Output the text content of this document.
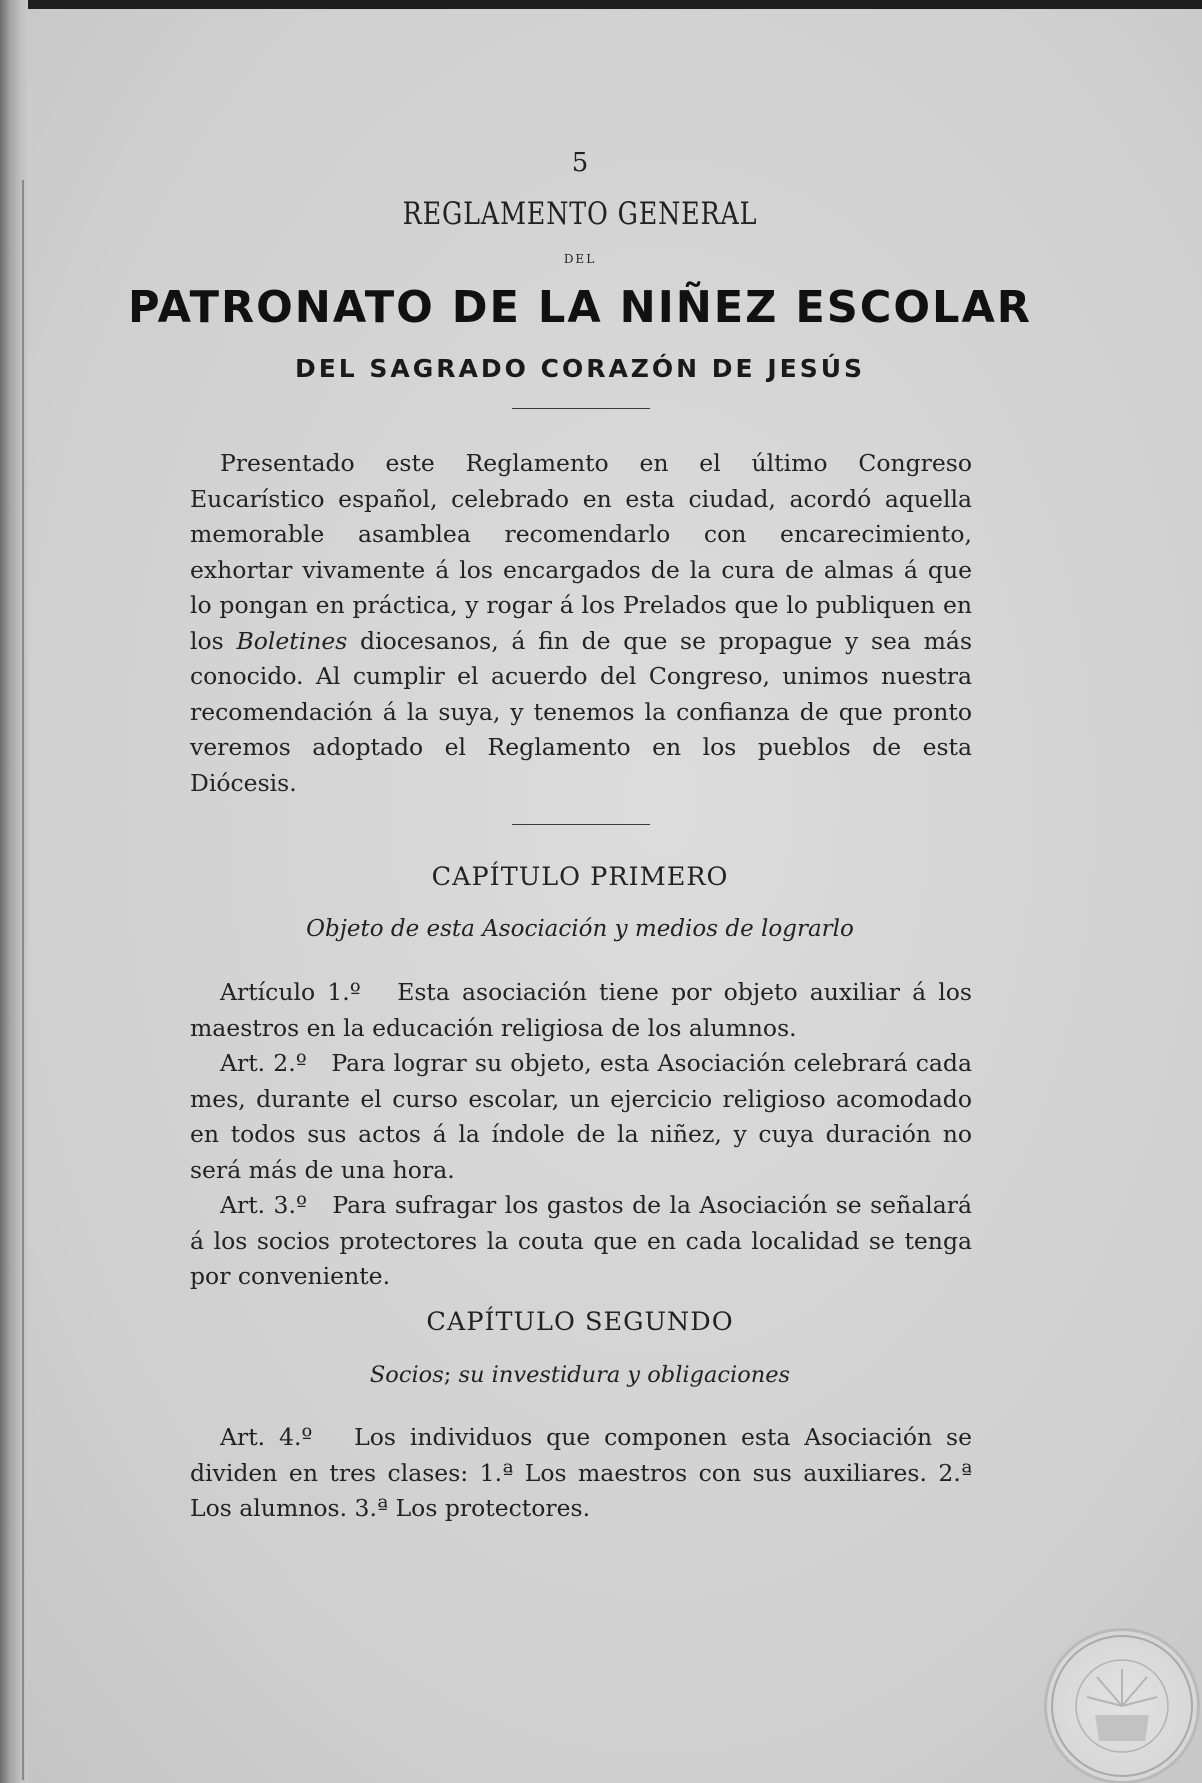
5
REGLAMENTO GENERAL
DEL
PATRONATO DE LA NIÑEZ ESCOLAR
DEL SAGRADO CORAZÓN DE JESÚS

Presentado este Reglamento en el último Congreso Eucarístico español, celebrado en esta ciudad, acordó aquella memorable asamblea recomendarlo con encarecimiento, exhortar vivamente á los encargados de la cura de almas á que lo pongan en práctica, y rogar á los Prelados que lo publiquen en los Boletines diocesanos, á fin de que se propague y sea más conocido. Al cumplir el acuerdo del Congreso, unimos nuestra recomendación á la suya, y tenemos la confianza de que pronto veremos adoptado el Reglamento en los pueblos de esta Diócesis.

CAPÍTULO PRIMERO
Objeto de esta Asociación y medios de lograrlo

Artículo 1.º Esta asociación tiene por objeto auxiliar á los maestros en la educación religiosa de los alumnos.

Art. 2.º Para lograr su objeto, esta Asociación celebrará cada mes, durante el curso escolar, un ejercicio religioso acomodado en todos sus actos á la índole de la niñez, y cuya duración no será más de una hora.

Art. 3.º Para sufragar los gastos de la Asociación se señalará á los socios protectores la couta que en cada localidad se tenga por conveniente.

CAPÍTULO SEGUNDO
Socios; su investidura y obligaciones

Art. 4.º Los individuos que componen esta Asociación se dividen en tres clases: 1.ª Los maestros con sus auxiliares. 2.ª Los alumnos. 3.ª Los protectores.
